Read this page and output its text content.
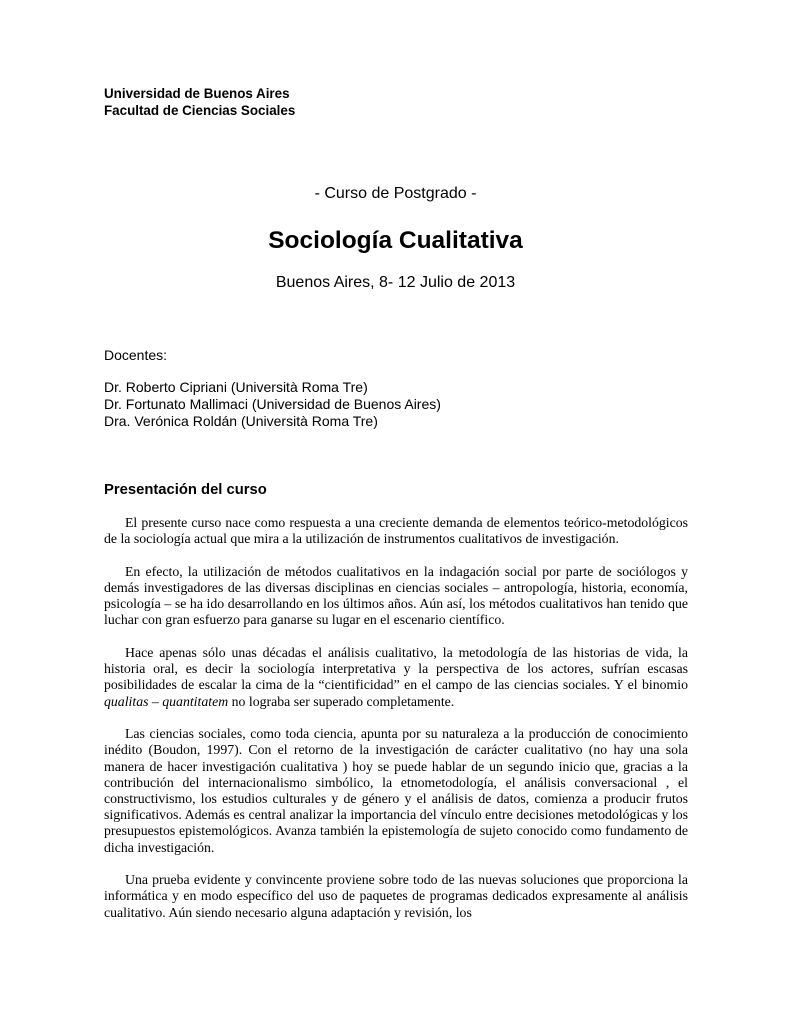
Universidad de Buenos Aires
Facultad de Ciencias Sociales
- Curso de Postgrado -
Sociología Cualitativa
Buenos Aires, 8- 12 Julio de 2013
Docentes:
Dr. Roberto Cipriani (Università Roma Tre)
Dr. Fortunato Mallimaci (Universidad de Buenos Aires)
Dra. Verónica Roldán (Università Roma Tre)
Presentación del curso

El presente curso nace como respuesta a una creciente demanda de elementos teórico-metodológicos de la sociología actual que mira a la utilización de instrumentos cualitativos de investigación.

En efecto, la utilización de métodos cualitativos en la indagación social por parte de sociólogos y demás investigadores de las diversas disciplinas en ciencias sociales – antropología, historia, economía, psicología – se ha ido desarrollando en los últimos años. Aún así, los métodos cualitativos han tenido que luchar con gran esfuerzo para ganarse su lugar en el escenario científico.

Hace apenas sólo unas décadas el análisis cualitativo, la metodología de las historias de vida, la historia oral, es decir la sociología interpretativa y la perspectiva de los actores, sufrían escasas posibilidades de escalar la cima de la “cientificidad” en el campo de las ciencias sociales. Y el binomio qualitas – quantitatem no lograba ser superado completamente.

Las ciencias sociales, como toda ciencia, apunta por su naturaleza a la producción de conocimiento inédito (Boudon, 1997). Con el retorno de la investigación de carácter cualitativo (no hay una sola manera de hacer investigación cualitativa ) hoy se puede hablar de un segundo inicio que, gracias a la contribución del internacionalismo simbólico, la etnometodología, el análisis conversacional , el constructivismo, los estudios culturales y de género y el análisis de datos, comienza a producir frutos significativos. Además es central analizar la importancia del vínculo entre decisiones metodológicas y los presupuestos epistemológicos. Avanza también la epistemología de sujeto conocido como fundamento de dicha investigación.

Una prueba evidente y convincente proviene sobre todo de las nuevas soluciones que proporciona la informática y en modo específico del uso de paquetes de programas dedicados expresamente al análisis cualitativo. Aún siendo necesario alguna adaptación y revisión, los
